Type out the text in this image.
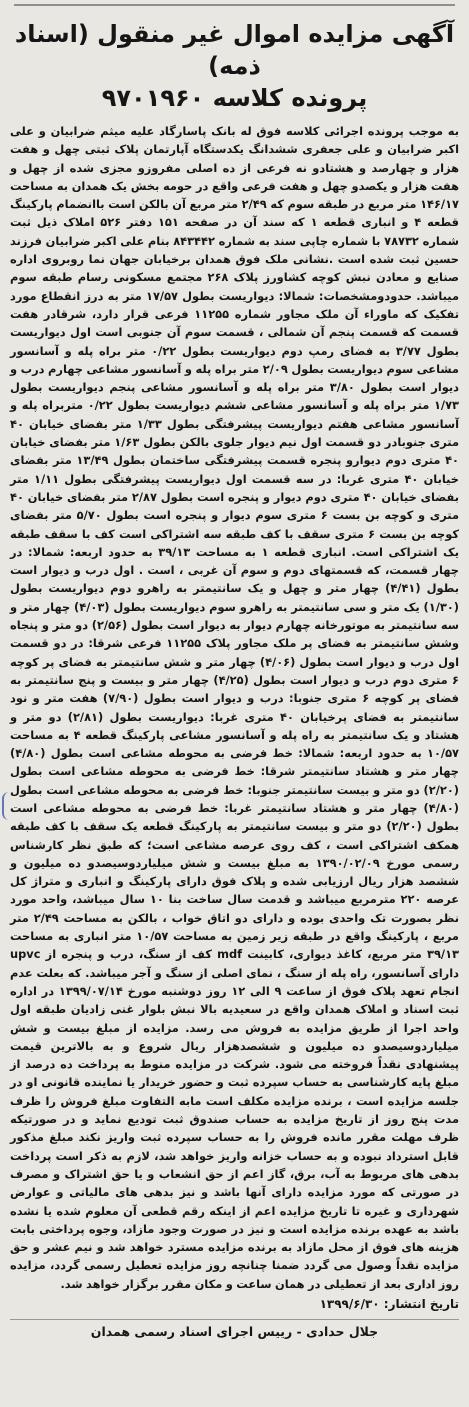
آگهی مزایده اموال غیر منقول (اسناد ذمه)
پرونده کلاسه ۹۷۰۱۹۶۰
به موجب پرونده اجرائی کلاسه فوق له بانک پاسارگاد علیه میثم ضرابیان و علی اکبر ضرابیان و علی جعفری ششدانگ یکدستگاه آپارتمان پلاک ثبتی چهل و هفت هزار و چهارصد و هشتادو نه فرعی از ده اصلی مفروزو مجزی شده از چهل و هفت هزار و یکصدو چهل و هفت فرعی واقع در حومه بخش یک همدان به مساحت ۱۴۶/۱۷ متر مربع در طبقه سوم که ۲/۴۹ متر مربع آن بالکن است باانضمام پارکینگ قطعه ۴ و انباری قطعه ۱ که سند آن در صفحه ۱۵۱ دفتر ۵۲۶ املاک ذیل ثبت شماره ۷۸۷۳۲ با شماره چاپی سند به شماره ۸۴۳۴۴۲ بنام علی اکبر ضرابیان فرزند حسین ثبت شده است .نشانی ملک فوق همدان برخیابان جهان نما روبروی اداره صنایع و معادن نبش کوچه کشاورز پلاک ۲۶۸ مجتمع مسکونی رسام طبقه سوم میباشد. حدودومشخصات: شمالا: دیواریست بطول ۱۷/۵۷ متر به درز انقطاع مورد تفکیک که ماوراء آن ملک مجاور شماره ۱۱۲۵۵ فرعی قرار دارد، شرقادر هفت قسمت که قسمت پنجم آن شمالی ، قسمت سوم آن جنوبی است اول دیواریست بطول ۳/۷۷ به فضای رمپ دوم دیواریست بطول ۰/۲۲ متر براه پله و آسانسور مشاعی سوم دیواریست بطول ۲/۰۹ متر براه پله و آسانسور مشاعی چهارم درب و دیوار است بطول ۳/۸۰ متر براه پله و آسانسور مشاعی پنجم دیواریست بطول ۱/۷۳ متر براه پله و آسانسور مشاعی ششم دیواریست بطول ۰/۲۲ متربراه پله و آسانسور مشاعی هفتم دیواریست پیشرفتگی بطول ۱/۳۳ متر بفضای خیابان ۴۰ متری جنوبادر دو قسمت اول نیم دیوار جلوی بالکن بطول ۱/۶۳ متر بفضای خیابان ۴۰ متری دوم دیوارو پنجره قسمت پیشرفتگی ساختمان بطول ۱۳/۴۹ متر بفضای خیابان ۴۰ متری غربا: در سه قسمت اول دیواریست پیشرفتگی بطول ۱/۱۱ متر بفضای خیابان ۴۰ متری دوم دیوار و پنجره است بطول ۲/۸۷ متر بفضای خیابان ۴۰ متری و کوچه بن بست ۶ متری سوم دیوار و پنجره است بطول ۵/۷۰ متر بفضای کوچه بن بست ۶ متری سقف با کف طبقه سه اشتراکی است کف با سقف طبقه یک اشتراکی است. انباری قطعه ۱ به مساحت ۳۹/۱۳ به حدود اربعه: شمالا: در چهار قسمت، که قسمتهای دوم و سوم آن غربی ، است . اول درب و دیوار است بطول (۴/۴۱) چهار متر و چهل و یک سانتیمتر به راهرو دوم دیواریست بطول (۱/۳۰) یک متر و سی سانتیمتر به راهرو سوم دیواریست بطول (۴/۰۳) چهار متر و سه سانتیمتر به موتورخانه چهارم دیوار به دیوار است بطول (۲/۵۶) دو متر و پنجاه وشش سانتیمتر به فضای پر ملک مجاور پلاک ۱۱۲۵۵ فرعی شرقا: در دو قسمت اول درب و دیوار است بطول (۴/۰۶) چهار متر و شش سانتیمتر به فضای پر کوچه ۶ متری دوم درب و دیوار است بطول (۴/۲۵) چهار متر و بیست و پنج سانتیمتر به فضای پر کوچه ۶ متری جنوبا: درب و دیوار است بطول (۷/۹۰) هفت متر و نود سانتیمتر به فضای پرخیابان ۴۰ متری غربا: دیواریست بطول (۲/۸۱) دو متر و هشتاد و یک سانتیمتر به راه پله و آسانسور مشاعی پارکینگ قطعه ۴ به مساحت ۱۰/۵۷ به حدود اربعه: شمالا: خط فرضی به محوطه مشاعی است بطول (۴/۸۰) چهار متر و هشتاد سانتیمتر شرقا: خط فرضی به محوطه مشاعی است بطول (۲/۲۰) دو متر و بیست سانتیمتر جنوبا: خط فرضی به محوطه مشاعی است بطول (۴/۸۰) چهار متر و هشتاد سانتیمتر غربا: خط فرضی به محوطه مشاعی است بطول (۲/۲۰) دو متر و بیست سانتیمتر به پارکینگ قطعه یک سقف با کف طبقه همکف اشتراکی است ، کف روی عرصه مشاعی است؛ که طبق نظر کارشناس رسمی مورخ ۱۳۹۰/۰۲/۰۹ به مبلغ بیست و شش میلیاردوسیصدو ده میلیون و ششصد هزار ریال ارزیابی شده و پلاک فوق دارای پارکینگ و انباری و متراژ کل عرصه ۲۲۰ مترمربع میباشد و قدمت سال ساخت بنا ۱۰ سال میباشد، واحد مورد نظر بصورت تک واحدی بوده و دارای دو اتاق خواب ، بالکن به مساحت ۲/۴۹ متر مربع ، پارکینگ واقع در طبقه زیر زمین به مساحت ۱۰/۵۷ متر انباری به مساحت ۳۹/۱۳ متر مربع، کاغذ دیواری، کابینت mdf کف از سنگ، درب و پنجره از upvc دارای آسانسور، راه پله از سنگ ، نمای اصلی از سنگ و آجر میباشد. که بعلت عدم انجام تعهد پلاک فوق از ساعت ۹ الی ۱۲ روز دوشنبه مورخ ۱۳۹۹/۰۷/۱۴ در اداره ثبت اسناد و املاک همدان واقع در سعیدیه بالا نبش بلوار غنی زادیان طبقه اول واحد اجرا از طریق مزایده به فروش می رسد. مزایده از مبلغ بیست و شش میلیاردوسیصدو ده میلیون و ششصدهزار ریال شروع و به بالاترین قیمت پیشنهادی نقداً فروخته می شود. شرکت در مزایده منوط به پرداخت ده درصد از مبلغ پایه کارشناسی به حساب سپرده ثبت و حضور خریدار یا نماینده قانونی او در جلسه مزایده است ، برنده مزایده مکلف است مابه التفاوت مبلغ فروش را ظرف مدت پنج روز از تاریخ مزایده به حساب صندوق ثبت تودیع نماید و در صورتیکه ظرف مهلت مقرر مانده فروش را به حساب سپرده ثبت واریز نکند مبلغ مذکور قابل استرداد نبوده و به حساب خزانه واریز خواهد شد، لازم به ذکر است پرداخت بدهی های مربوط به آب، برق، گاز اعم از حق انشعاب و یا حق اشتراک و مصرف در صورتی که مورد مزایده دارای آنها باشد و نیز بدهی های مالیاتی و عوارض شهرداری و غیره تا تاریخ مزایده اعم از اینکه رقم قطعی آن معلوم شده یا نشده باشد به عهده برنده مزایده است و نیز در صورت وجود مازاد، وجوه پرداختی بابت هزینه های فوق از محل مازاد به برنده مزایده مسترد خواهد شد و نیم عشر و حق مزایده نقداً وصول می گردد ضمنا چنانچه روز مزایده تعطیل رسمی گردد، مزایده روز اداری بعد از تعطیلی در همان ساعت و مکان مقرر برگزار خواهد شد.
تاریخ انتشار: ۱۳۹۹/۶/۳۰
جلال حدادی - رییس اجرای اسناد رسمی همدان
